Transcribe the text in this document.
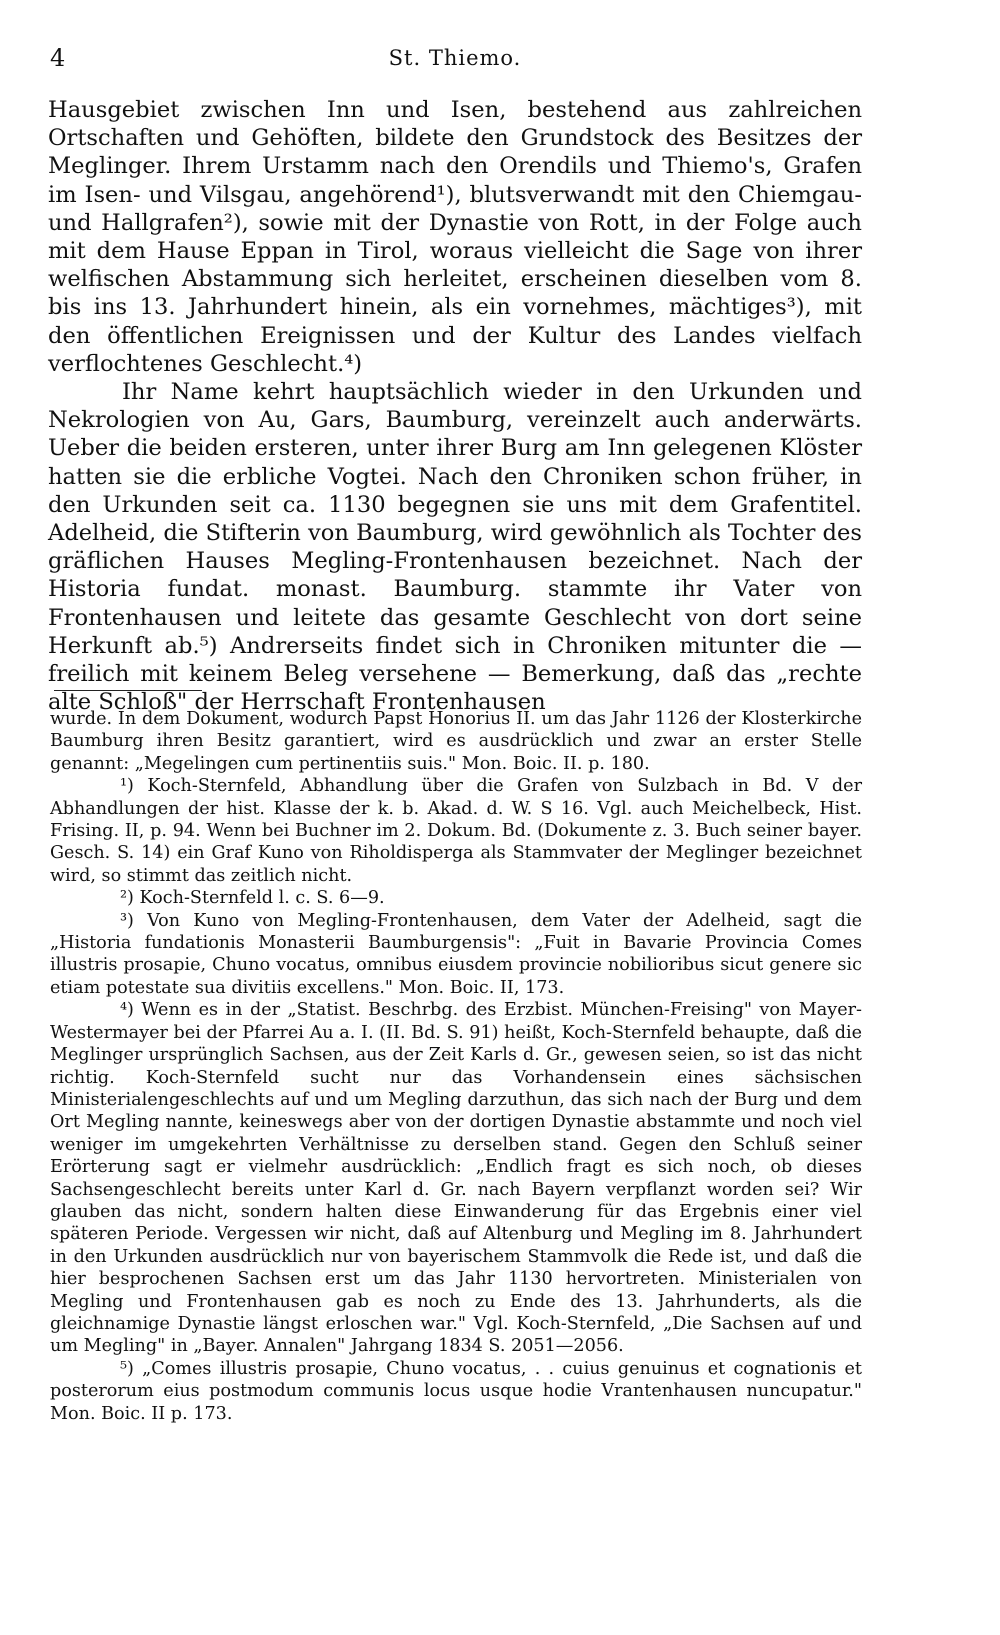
4	St. Thiemo.

Hausgebiet zwischen Inn und Isen, bestehend aus zahlreichen Ortschaften und Gehöften, bildete den Grundstock des Besitzes der Meglinger. Ihrem Urstamm nach den Orendils und Thiemo's, Grafen im Isen- und Vilsgau, angehörend¹), blutsverwandt mit den Chiemgau- und Hallgrafen²), sowie mit der Dynastie von Rott, in der Folge auch mit dem Hause Eppan in Tirol, woraus vielleicht die Sage von ihrer welfischen Abstammung sich herleitet, erscheinen dieselben vom 8. bis ins 13. Jahrhundert hinein, als ein vornehmes, mächtiges³), mit den öffentlichen Ereignissen und der Kultur des Landes vielfach verflochtenes Geschlecht.⁴)

Ihr Name kehrt hauptsächlich wieder in den Urkunden und Nekrologien von Au, Gars, Baumburg, vereinzelt auch anderwärts. Ueber die beiden ersteren, unter ihrer Burg am Inn gelegenen Klöster hatten sie die erbliche Vogtei. Nach den Chroniken schon früher, in den Urkunden seit ca. 1130 begegnen sie uns mit dem Grafentitel. Adelheid, die Stifterin von Baumburg, wird gewöhnlich als Tochter des gräflichen Hauses Megling-Frontenhausen bezeichnet. Nach der Historia fundat. monast. Baumburg. stammte ihr Vater von Frontenhausen und leitete das gesamte Geschlecht von dort seine Herkunft ab.⁵) Andrerseits findet sich in Chroniken mitunter die — freilich mit keinem Beleg versehene — Bemerkung, daß das „rechte alte Schloß" der Herrschaft Frontenhausen

wurde. In dem Dokument, wodurch Papst Honorius II. um das Jahr 1126 der Klosterkirche Baumburg ihren Besitz garantiert, wird es ausdrücklich und zwar an erster Stelle genannt: „Megelingen cum pertinentiis suis." Mon. Boic. II. p. 180.

¹) Koch-Sternfeld, Abhandlung über die Grafen von Sulzbach in Bd. V der Abhandlungen der hist. Klasse der k. b. Akad. d. W. S 16. Vgl. auch Meichelbeck, Hist. Frising. II, p. 94. Wenn bei Buchner im 2. Dokum. Bd. (Dokumente z. 3. Buch seiner bayer. Gesch. S. 14) ein Graf Kuno von Riholdisperga als Stammvater der Meglinger bezeichnet wird, so stimmt das zeitlich nicht.

²) Koch-Sternfeld l. c. S. 6—9.

³) Von Kuno von Megling-Frontenhausen, dem Vater der Adelheid, sagt die „Historia fundationis Monasterii Baumburgensis": „Fuit in Bavarie Provincia Comes illustris prosapie, Chuno vocatus, omnibus eiusdem provincie nobilioribus sicut genere sic etiam potestate sua divitiis excellens." Mon. Boic. II, 173.

⁴) Wenn es in der „Statist. Beschrbg. des Erzbist. München-Freising" von Mayer-Westermayer bei der Pfarrei Au a. I. (II. Bd. S. 91) heißt, Koch-Sternfeld behaupte, daß die Meglinger ursprünglich Sachsen, aus der Zeit Karls d. Gr., gewesen seien, so ist das nicht richtig. Koch-Sternfeld sucht nur das Vorhandensein eines sächsischen Ministerialengeschlechts auf und um Megling darzuthun, das sich nach der Burg und dem Ort Megling nannte, keineswegs aber von der dortigen Dynastie abstammte und noch viel weniger im umgekehrten Verhältnisse zu derselben stand. Gegen den Schluß seiner Erörterung sagt er vielmehr ausdrücklich: „Endlich fragt es sich noch, ob dieses Sachsengeschlecht bereits unter Karl d. Gr. nach Bayern verpflanzt worden sei? Wir glauben das nicht, sondern halten diese Einwanderung für das Ergebnis einer viel späteren Periode. Vergessen wir nicht, daß auf Altenburg und Megling im 8. Jahrhundert in den Urkunden ausdrücklich nur von bayerischem Stammvolk die Rede ist, und daß die hier besprochenen Sachsen erst um das Jahr 1130 hervortreten. Ministerialen von Megling und Frontenhausen gab es noch zu Ende des 13. Jahrhunderts, als die gleichnamige Dynastie längst erloschen war." Vgl. Koch-Sternfeld, „Die Sachsen auf und um Megling" in „Bayer. Annalen" Jahrgang 1834 S. 2051—2056.

⁵) „Comes illustris prosapie, Chuno vocatus, . . cuius genuinus et cognationis et posterorum eius postmodum communis locus usque hodie Vrantenhausen nuncupatur." Mon. Boic. II p. 173.
